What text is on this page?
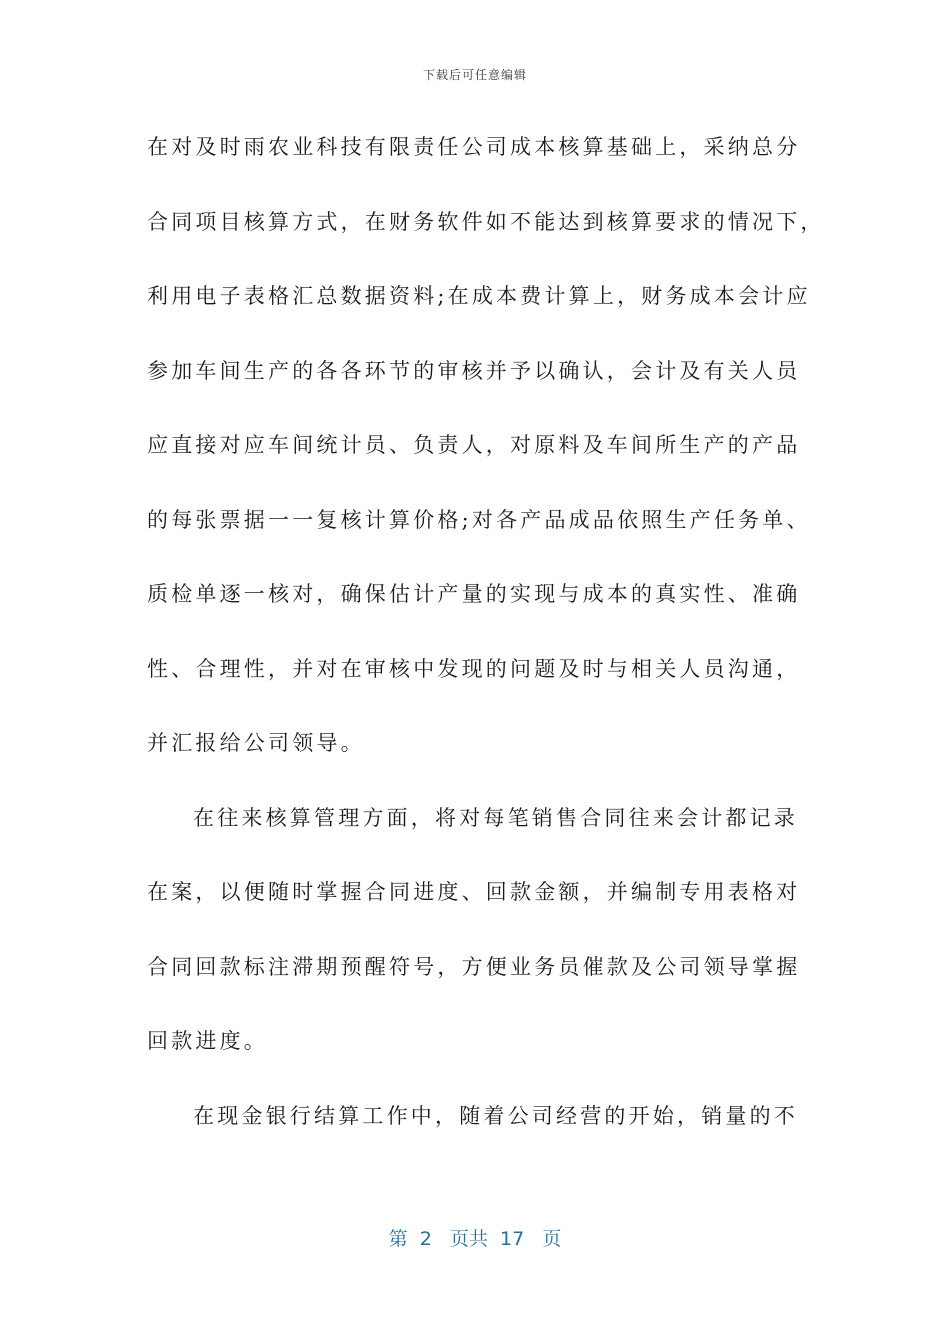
下载后可任意编辑
在对及时雨农业科技有限责任公司成本核算基础上，采纳总分
合同项目核算方式，在财务软件如不能达到核算要求的情况下，
利用电子表格汇总数据资料;在成本费计算上，财务成本会计应
参加车间生产的各各环节的审核并予以确认，会计及有关人员
应直接对应车间统计员、负责人，对原料及车间所生产的产品
的每张票据一一复核计算价格;对各产品成品依照生产任务单、
质检单逐一核对，确保估计产量的实现与成本的真实性、准确
性、合理性，并对在审核中发现的问题及时与相关人员沟通，
并汇报给公司领导。
在往来核算管理方面，将对每笔销售合同往来会计都记录
在案，以便随时掌握合同进度、回款金额，并编制专用表格对
合同回款标注滞期预醒符号，方便业务员催款及公司领导掌握
回款进度。
在现金银行结算工作中，随着公司经营的开始，销量的不
第 2 页共 17 页
